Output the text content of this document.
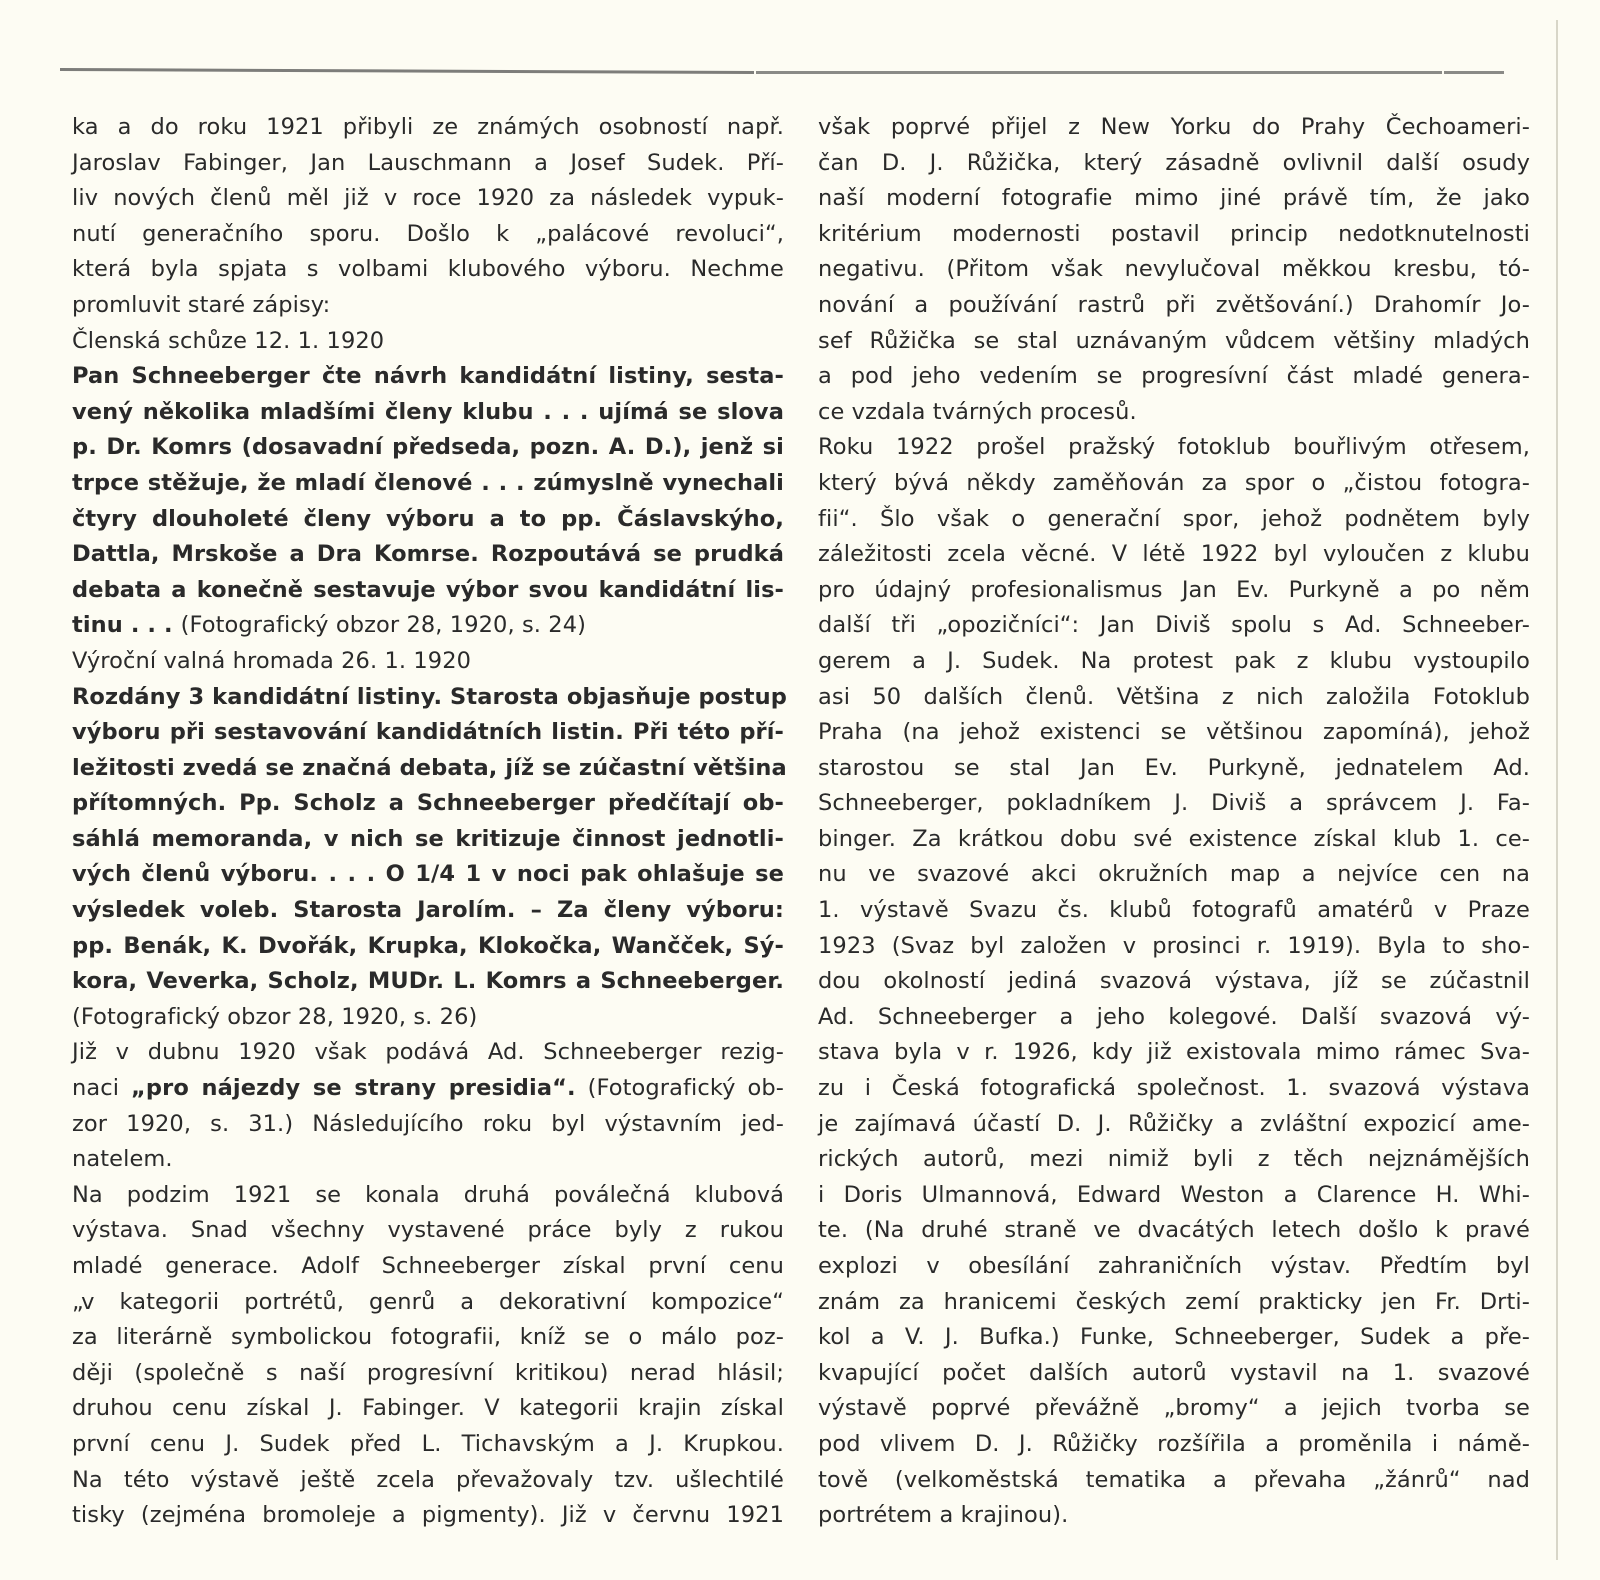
ka a do roku 1921 přibyli ze známých osobností např.
Jaroslav Fabinger, Jan Lauschmann a Josef Sudek. Pří-
liv nových členů měl již v roce 1920 za následek vypuk-
nutí generačního sporu. Došlo k „palácové revoluci“,
která byla spjata s volbami klubového výboru. Nechme
promluvit staré zápisy:
Členská schůze 12. 1. 1920
Pan Schneeberger čte návrh kandidátní listiny, sesta-
vený několika mladšími členy klubu . . . ujímá se slova
p. Dr. Komrs (dosavadní předseda, pozn. A. D.), jenž si
trpce stěžuje, že mladí členové . . . zúmyslně vynechali
čtyry dlouholeté členy výboru a to pp. Čáslavskýho,
Dattla, Mrskoše a Dra Komrse. Rozpoutává se prudká
debata a konečně sestavuje výbor svou kandidátní lis-
tinu . . . (Fotografický obzor 28, 1920, s. 24)
Výroční valná hromada 26. 1. 1920
Rozdány 3 kandidátní listiny. Starosta objasňuje postup
výboru při sestavování kandidátních listin. Při této pří-
ležitosti zvedá se značná debata, jíž se zúčastní většina
přítomných. Pp. Scholz a Schneeberger předčítají ob-
sáhlá memoranda, v nich se kritizuje činnost jednotli-
vých členů výboru. . . . O 1/4 1 v noci pak ohlašuje se
výsledek voleb. Starosta Jarolím. – Za členy výboru:
pp. Benák, K. Dvořák, Krupka, Klokočka, Wančček, Sý-
kora, Veverka, Scholz, MUDr. L. Komrs a Schneeberger.
(Fotografický obzor 28, 1920, s. 26)
Již v dubnu 1920 však podává Ad. Schneeberger rezig-
naci „pro nájezdy se strany presidia“. (Fotografický ob-
zor 1920, s. 31.) Následujícího roku byl výstavním jed-
natelem.
Na podzim 1921 se konala druhá poválečná klubová
výstava. Snad všechny vystavené práce byly z rukou
mladé generace. Adolf Schneeberger získal první cenu
„v kategorii portrétů, genrů a dekorativní kompozice“
za literárně symbolickou fotografii, kníž se o málo poz-
ději (společně s naší progresívní kritikou) nerad hlásil;
druhou cenu získal J. Fabinger. V kategorii krajin získal
první cenu J. Sudek před L. Tichavským a J. Krupkou.
Na této výstavě ještě zcela převažovaly tzv. ušlechtilé
tisky (zejména bromoleje a pigmenty). Již v červnu 1921
však poprvé přijel z New Yorku do Prahy Čechoameri-
čan D. J. Růžička, který zásadně ovlivnil další osudy
naší moderní fotografie mimo jiné právě tím, že jako
kritérium modernosti postavil princip nedotknutelnosti
negativu. (Přitom však nevylučoval měkkou kresbu, tó-
nování a používání rastrů při zvětšování.) Drahomír Jo-
sef Růžička se stal uznávaným vůdcem většiny mladých
a pod jeho vedením se progresívní část mladé genera-
ce vzdala tvárných procesů.
Roku 1922 prošel pražský fotoklub bouřlivým otřesem,
který bývá někdy zaměňován za spor o „čistou fotogra-
fii“. Šlo však o generační spor, jehož podnětem byly
záležitosti zcela věcné. V létě 1922 byl vyloučen z klubu
pro údajný profesionalismus Jan Ev. Purkyně a po něm
další tři „opozičníci“: Jan Diviš spolu s Ad. Schneeber-
gerem a J. Sudek. Na protest pak z klubu vystoupilo
asi 50 dalších členů. Většina z nich založila Fotoklub
Praha (na jehož existenci se většinou zapomíná), jehož
starostou se stal Jan Ev. Purkyně, jednatelem Ad.
Schneeberger, pokladníkem J. Diviš a správcem J. Fa-
binger. Za krátkou dobu své existence získal klub 1. ce-
nu ve svazové akci okružních map a nejvíce cen na
1. výstavě Svazu čs. klubů fotografů amatérů v Praze
1923 (Svaz byl založen v prosinci r. 1919). Byla to sho-
dou okolností jediná svazová výstava, jíž se zúčastnil
Ad. Schneeberger a jeho kolegové. Další svazová vý-
stava byla v r. 1926, kdy již existovala mimo rámec Sva-
zu i Česká fotografická společnost. 1. svazová výstava
je zajímavá účastí D. J. Růžičky a zvláštní expozicí ame-
rických autorů, mezi nimiž byli z těch nejznámějších
i Doris Ulmannová, Edward Weston a Clarence H. Whi-
te. (Na druhé straně ve dvacátých letech došlo k pravé
explozi v obesílání zahraničních výstav. Předtím byl
znám za hranicemi českých zemí prakticky jen Fr. Drti-
kol a V. J. Bufka.) Funke, Schneeberger, Sudek a pře-
kvapující počet dalších autorů vystavil na 1. svazové
výstavě poprvé převážně „bromy“ a jejich tvorba se
pod vlivem D. J. Růžičky rozšířila a proměnila i námě-
tově (velkoměstská tematika a převaha „žánrů“ nad
portrétem a krajinou).
